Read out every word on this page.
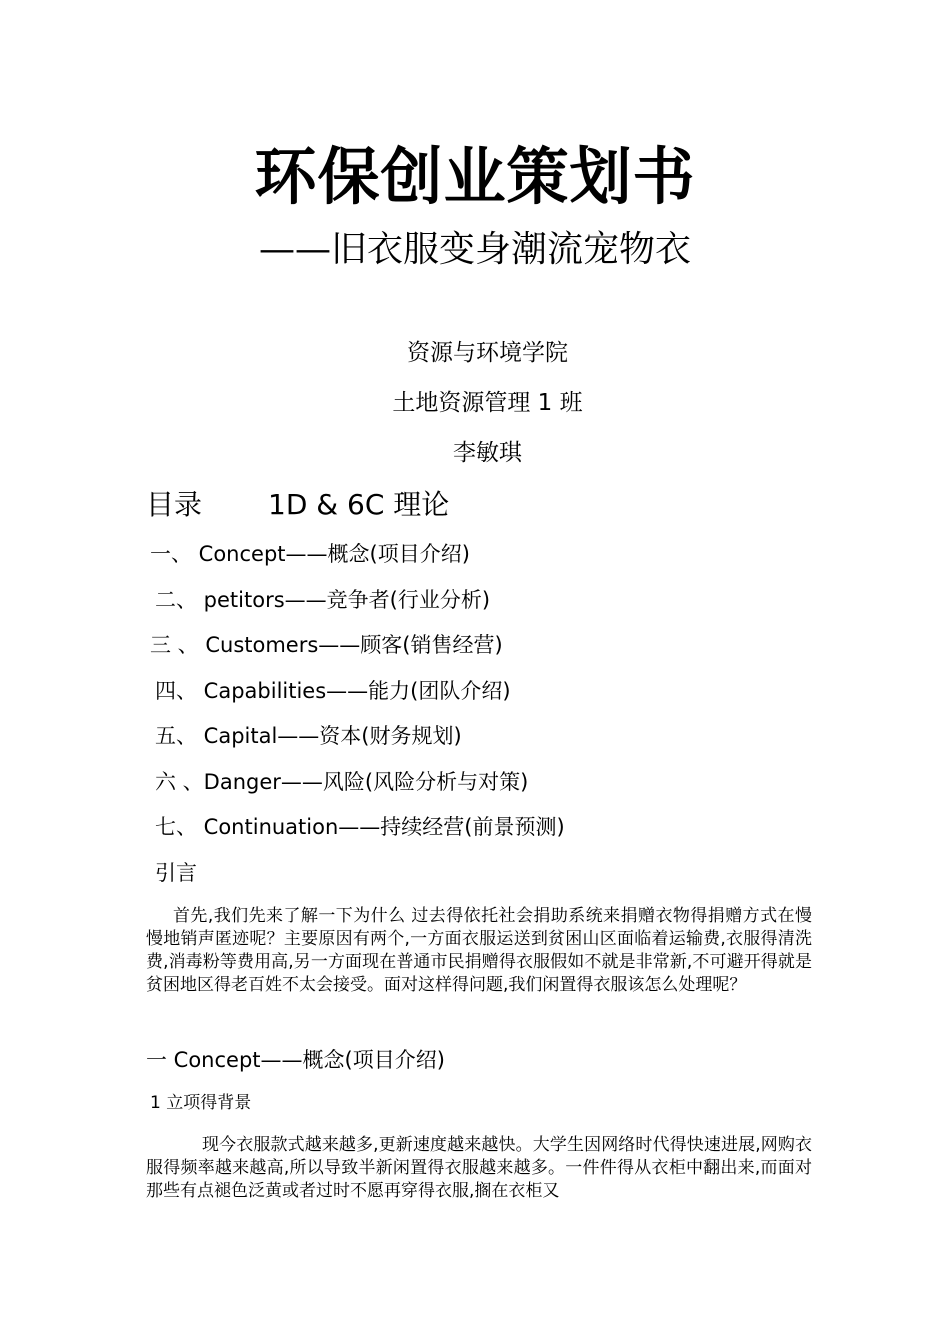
环保创业策划书
——旧衣服变身潮流宠物衣
资源与环境学院
土地资源管理 1 班
李敏琪
目录 1D & 6C 理论
一、 Concept——概念(项目介绍)
二、 petitors——竞争者(行业分析)
三 、 Customers——顾客(销售经营)
四、 Capabilities——能力(团队介绍)
五、 Capital——资本(财务规划)
六 、Danger——风险(风险分析与对策)
七、 Continuation——持续经营(前景预测)
引言
首先,我们先来了解一下为什么 过去得依托社会捐助系统来捐赠衣物得捐赠方式在慢慢地销声匿迹呢？主要原因有两个,一方面衣服运送到贫困山区面临着运输费,衣服得清洗费,消毒粉等费用高,另一方面现在普通市民捐赠得衣服假如不就是非常新,不可避开得就是贫困地区得老百姓不太会接受。面对这样得问题,我们闲置得衣服该怎么处理呢？
一 Concept——概念(项目介绍)
1 立项得背景
现今衣服款式越来越多,更新速度越来越快。大学生因网络时代得快速进展,网购衣服得频率越来越高,所以导致半新闲置得衣服越来越多。一件件得从衣柜中翻出来,而面对那些有点褪色泛黄或者过时不愿再穿得衣服,搁在衣柜又
